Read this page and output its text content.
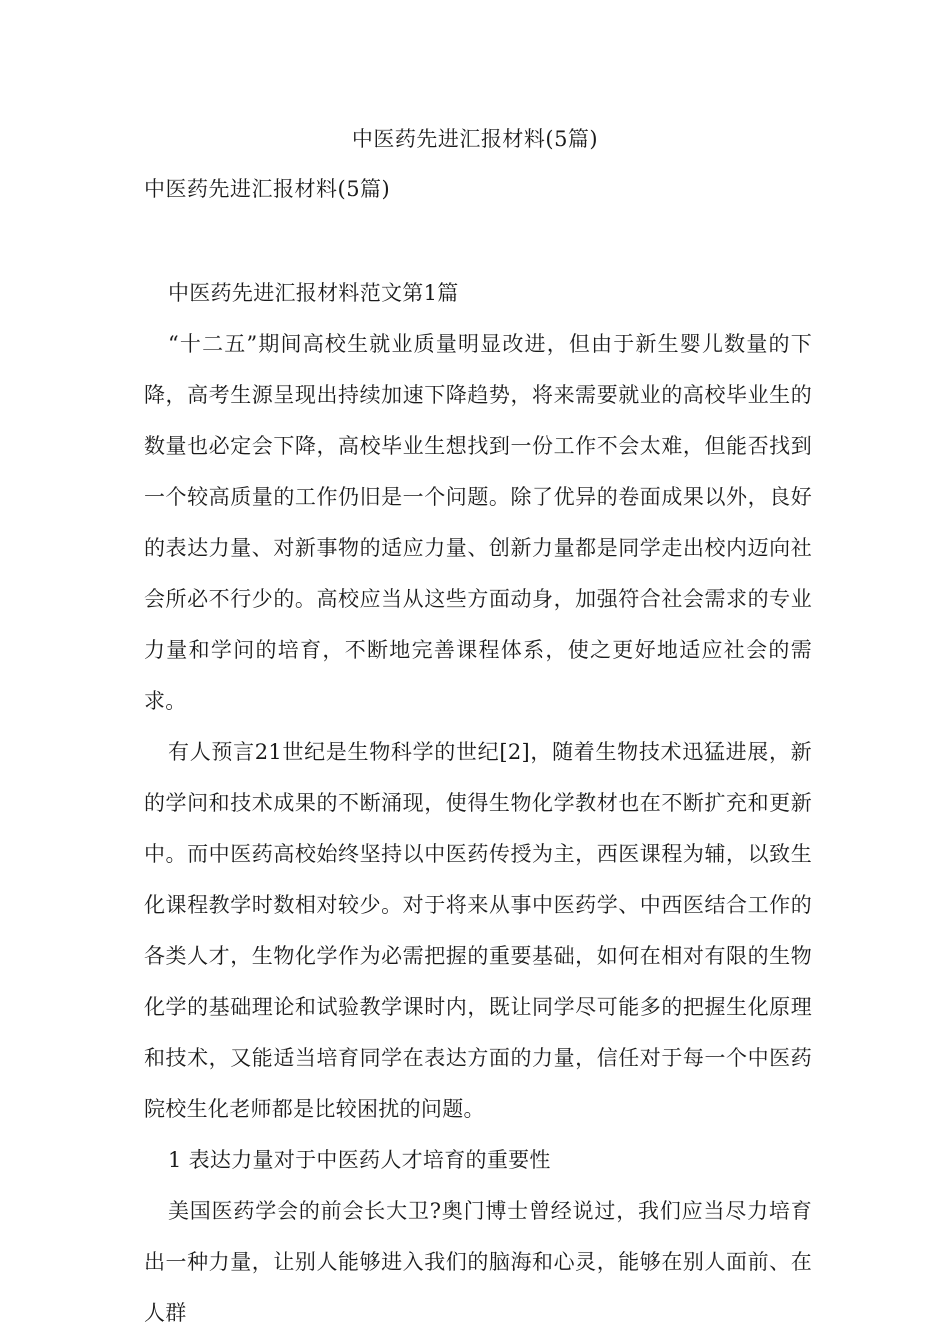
中医药先进汇报材料(5篇)
中医药先进汇报材料(5篇)

中医药先进汇报材料范文第1篇

“十二五”期间高校生就业质量明显改进，但由于新生婴儿数量的下降，高考生源呈现出持续加速下降趋势，将来需要就业的高校毕业生的数量也必定会下降，高校毕业生想找到一份工作不会太难，但能否找到一个较高质量的工作仍旧是一个问题。除了优异的卷面成果以外，良好的表达力量、对新事物的适应力量、创新力量都是同学走出校内迈向社会所必不行少的。高校应当从这些方面动身，加强符合社会需求的专业力量和学问的培育，不断地完善课程体系，使之更好地适应社会的需求。

有人预言21世纪是生物科学的世纪[2]，随着生物技术迅猛进展，新的学问和技术成果的不断涌现，使得生物化学教材也在不断扩充和更新中。而中医药高校始终坚持以中医药传授为主，西医课程为辅，以致生化课程教学时数相对较少。对于将来从事中医药学、中西医结合工作的各类人才，生物化学作为必需把握的重要基础，如何在相对有限的生物化学的基础理论和试验教学课时内，既让同学尽可能多的把握生化原理和技术，又能适当培育同学在表达方面的力量，信任对于每一个中医药院校生化老师都是比较困扰的问题。

1 表达力量对于中医药人才培育的重要性

美国医药学会的前会长大卫?奥门博士曾经说过，我们应当尽力培育出一种力量，让别人能够进入我们的脑海和心灵，能够在别人面前、在人群
